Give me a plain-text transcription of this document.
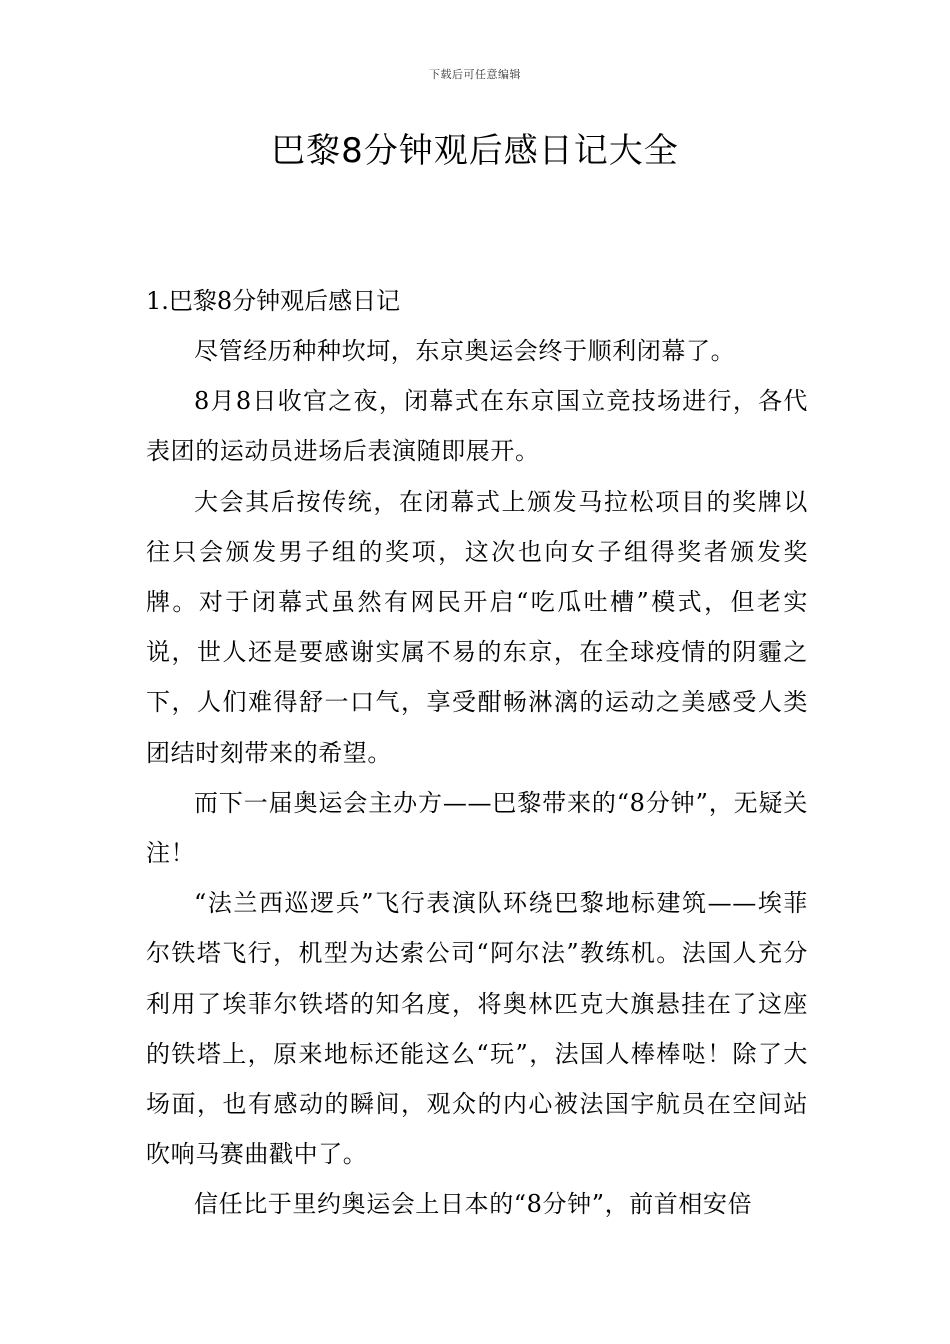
下载后可任意编辑
巴黎8分钟观后感日记大全

1.巴黎8分钟观后感日记

尽管经历种种坎坷，东京奥运会终于顺利闭幕了。

8月8日收官之夜，闭幕式在东京国立竞技场进行，各代表团的运动员进场后表演随即展开。

大会其后按传统，在闭幕式上颁发马拉松项目的奖牌以往只会颁发男子组的奖项，这次也向女子组得奖者颁发奖牌。对于闭幕式虽然有网民开启“吃瓜吐槽”模式，但老实说，世人还是要感谢实属不易的东京，在全球疫情的阴霾之下，人们难得舒一口气，享受酣畅淋漓的运动之美感受人类团结时刻带来的希望。

而下一届奥运会主办方——巴黎带来的“8分钟”，无疑关注！

“法兰西巡逻兵”飞行表演队环绕巴黎地标建筑——埃菲尔铁塔飞行，机型为达索公司“阿尔法”教练机。法国人充分利用了埃菲尔铁塔的知名度，将奥林匹克大旗悬挂在了这座的铁塔上，原来地标还能这么“玩”，法国人棒棒哒！除了大场面，也有感动的瞬间，观众的内心被法国宇航员在空间站吹响马赛曲戳中了。

信任比于里约奥运会上日本的“8分钟”，前首相安倍
